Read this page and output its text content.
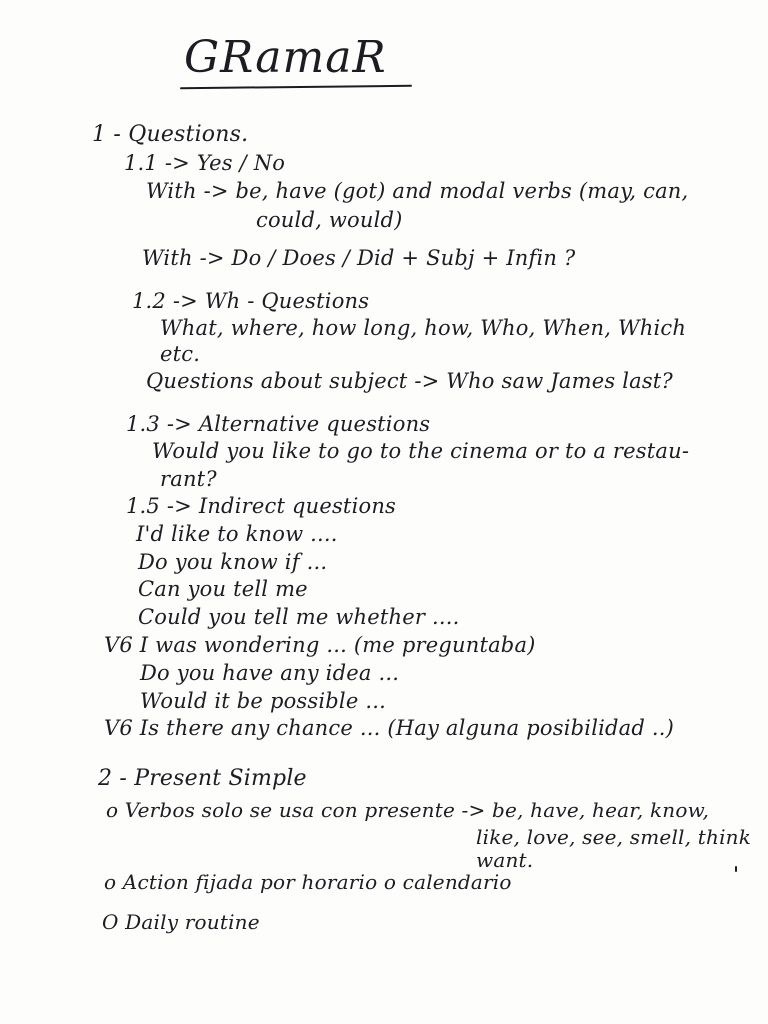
GRamaR
1 - Questions.
1.1 -> Yes / No
With -> be, have (got) and modal verbs (may, can,
could, would)
With -> Do / Does / Did + Subj + Infin ?
1.2 -> Wh - Questions
What, where, how long, how, Who, When, Which
etc.
Questions about subject -> Who saw James last?
1.3 -> Alternative questions
Would you like to go to the cinema or to a restau-
rant?
1.5 -> Indirect questions
I'd like to know ....
Do you know if ...
Can you tell me
Could you tell me whether ....
V6 I was wondering ... (me preguntaba)
Do you have any idea ...
Would it be possible ...
V6 Is there any chance ... (Hay alguna posibilidad ..)
2 - Present Simple
o Verbos solo se usa con presente -> be, have, hear, know,
like, love, see, smell, think
want.
o Action fijada por horario o calendario
O Daily routine
